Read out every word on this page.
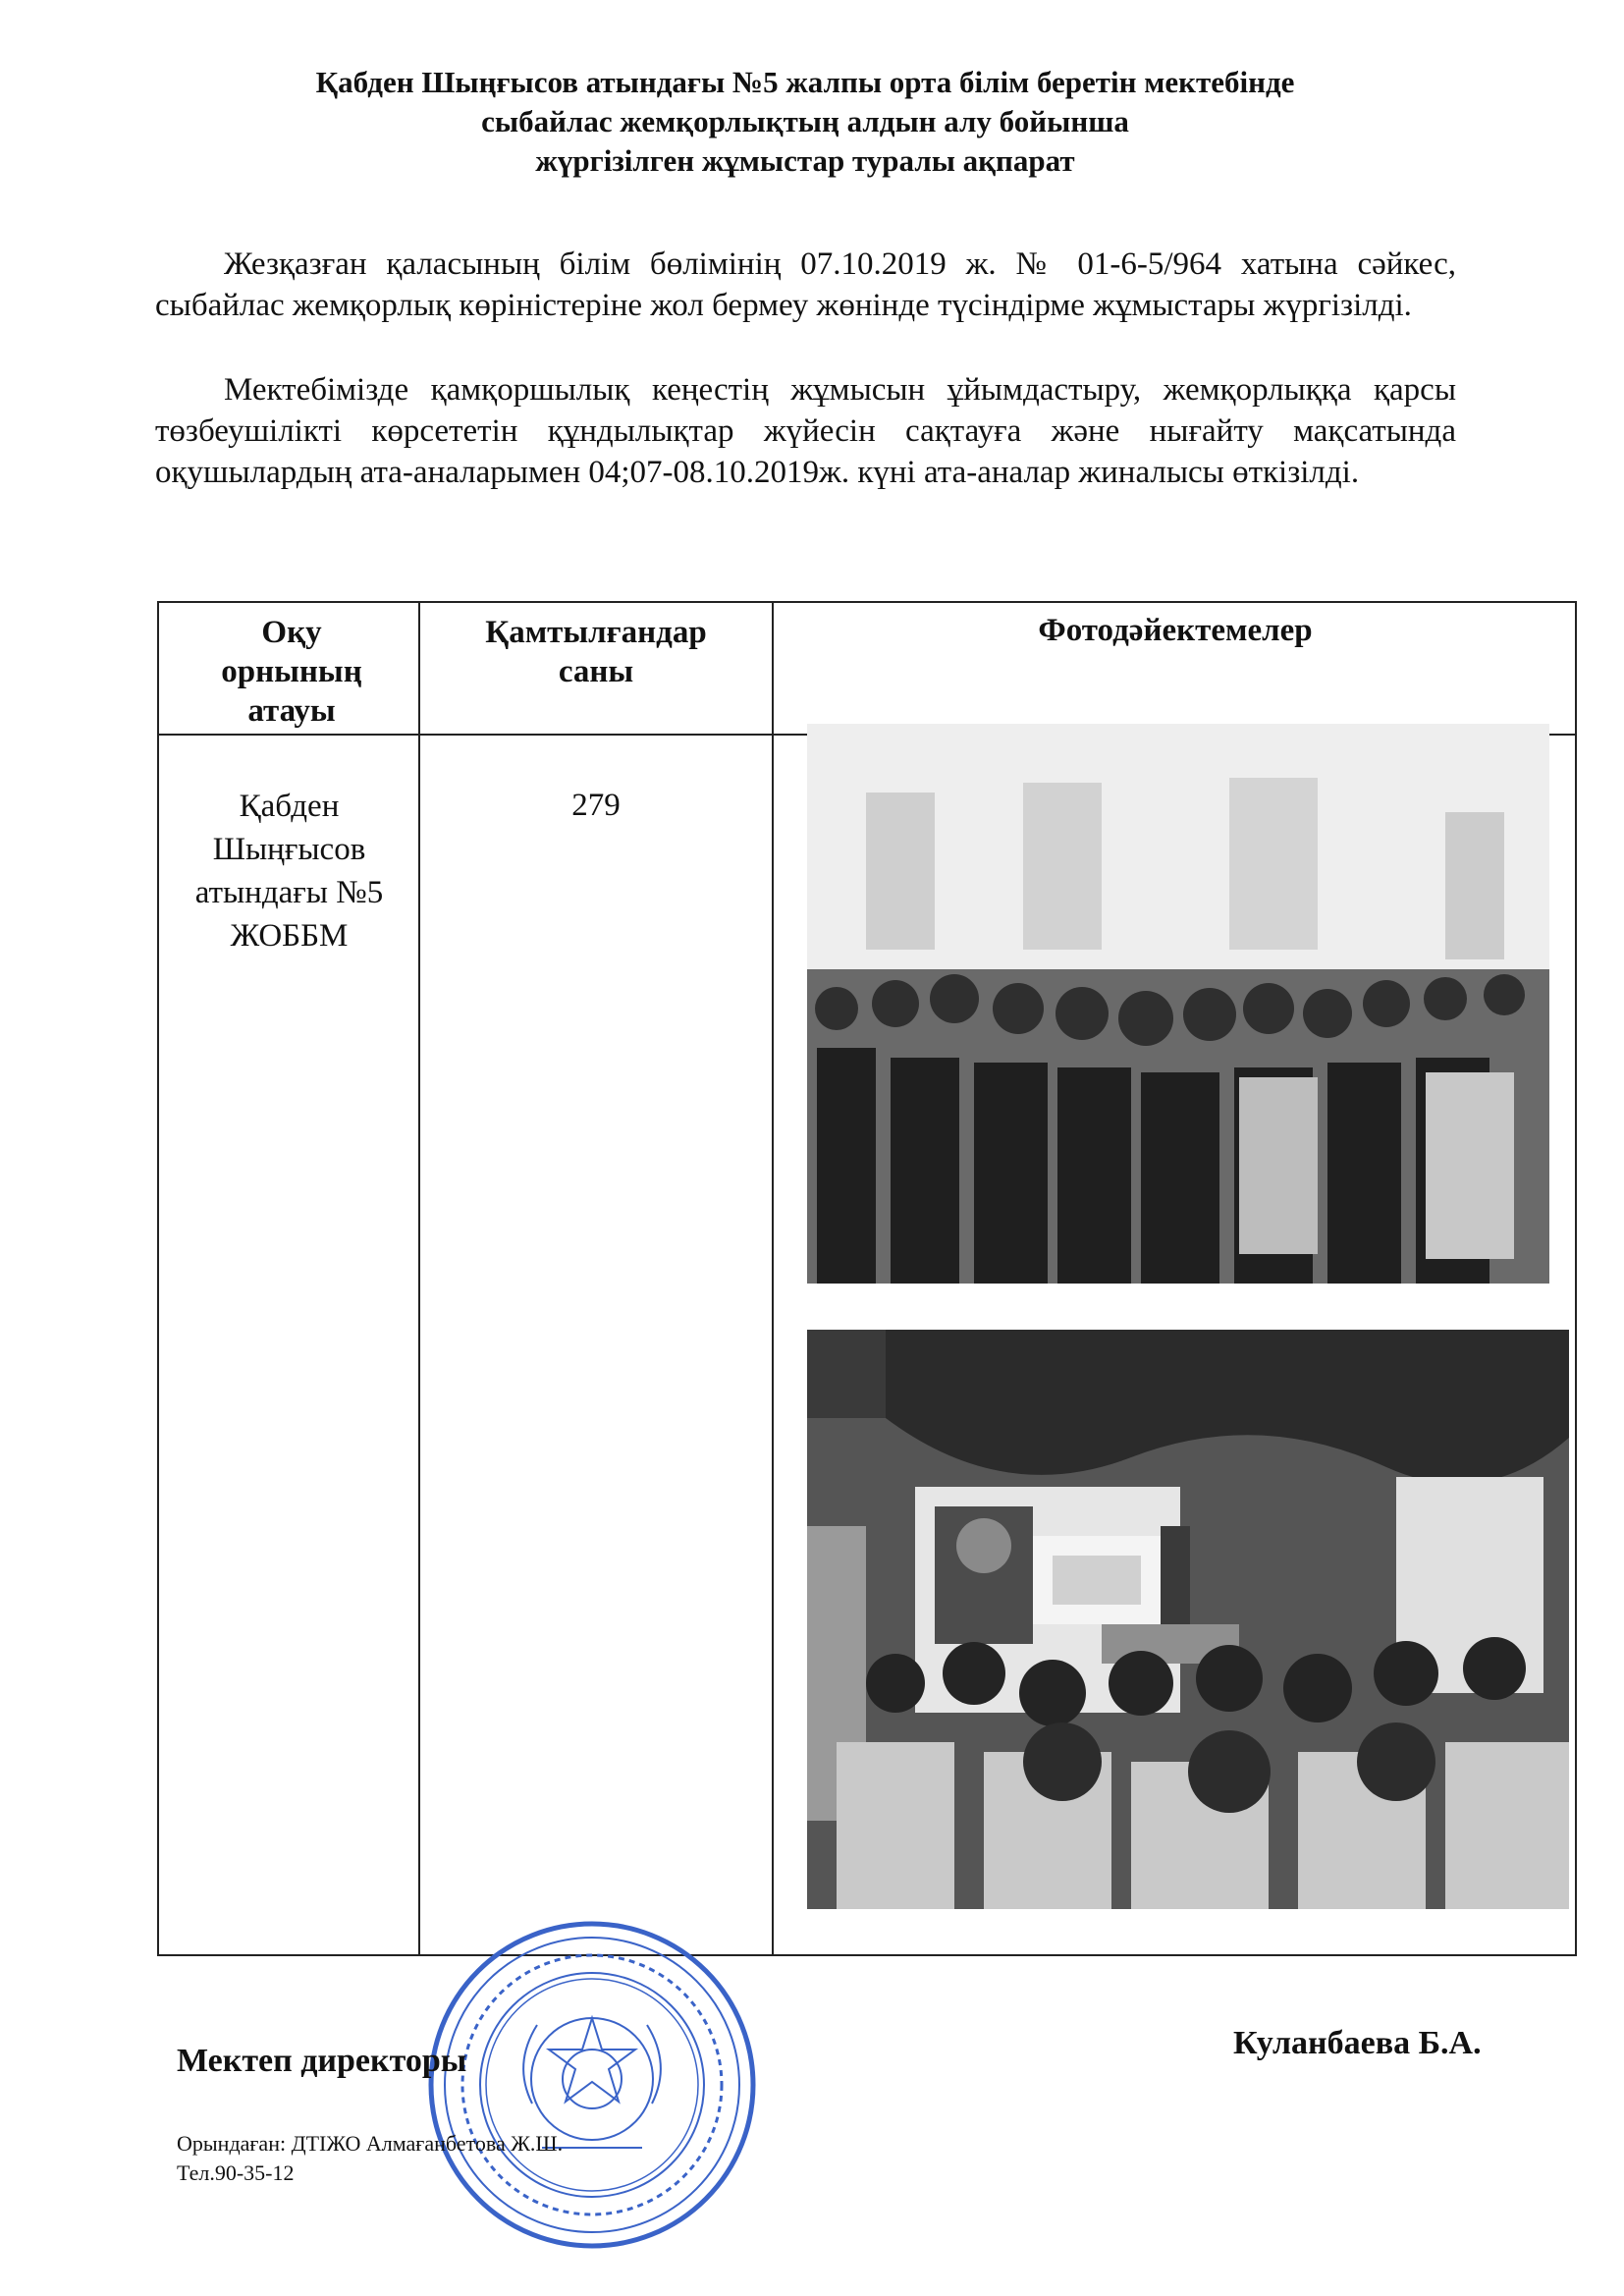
Қабден Шыңғысов атындағы №5 жалпы орта білім беретін мектебінде
сыбайлас жемқорлықтың алдын алу бойынша
жүргізілген жұмыстар туралы ақпарат
Жезқазған қаласының білім бөлімінің 07.10.2019 ж. № 01-6-5/964 хатына сәйкес, сыбайлас жемқорлық көріністеріне жол бермеу жөнінде түсіндірме жұмыстары жүргізілді.
Мектебімізде қамқоршылық кеңестің жұмысын ұйымдастыру, жемқорлыққа қарсы төзбеушілікті көрсететін құндылықтар жүйесін сақтауға және нығайту мақсатында оқушылардың ата-аналарымен 04;07-08.10.2019ж. күні ата-аналар жиналысы өткізілді.
Оқу орнының атауы
Қамтылғандар саны
Фотодәйектемелер
Қабден Шыңғысов атындағы №5 ЖОББМ
279
Мектеп директоры	Куланбаева Б.А.
Орындаған: ДТІЖО Алмағанбетова Ж.Ш.
Тел.90-35-12
